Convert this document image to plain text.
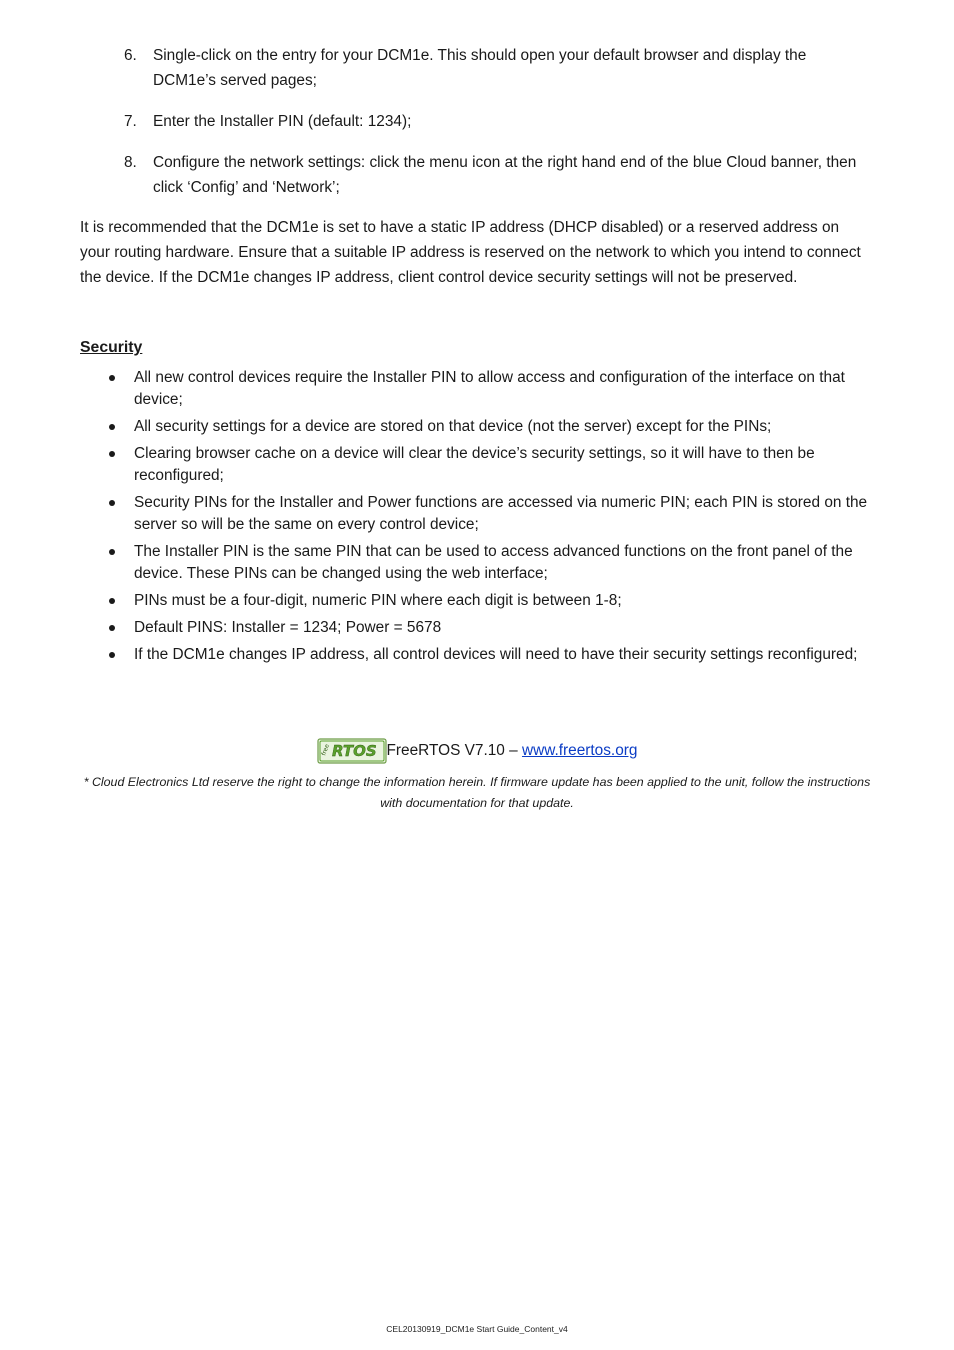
6. Single-click on the entry for your DCM1e. This should open your default browser and display the DCM1e’s served pages;
7. Enter the Installer PIN (default: 1234);
8. Configure the network settings: click the menu icon at the right hand end of the blue Cloud banner, then click ‘Config’ and ‘Network’;

It is recommended that the DCM1e is set to have a static IP address (DHCP disabled) or a reserved address on your routing hardware. Ensure that a suitable IP address is reserved on the network to which you intend to connect the device. If the DCM1e changes IP address, client control device security settings will not be preserved.

Security
All new control devices require the Installer PIN to allow access and configuration of the interface on that device;
All security settings for a device are stored on that device (not the server) except for the PINs;
Clearing browser cache on a device will clear the device’s security settings, so it will have to then be reconfigured;
Security PINs for the Installer and Power functions are accessed via numeric PIN; each PIN is stored on the server so will be the same on every control device;
The Installer PIN is the same PIN that can be used to access advanced functions on the front panel of the device. These PINs can be changed using the web interface;
PINs must be a four-digit, numeric PIN where each digit is between 1-8;
Default PINS: Installer = 1234; Power = 5678
If the DCM1e changes IP address, all control devices will need to have their security settings reconfigured;
free RTOS FreeRTOS V7.10 – www.freertos.org

* Cloud Electronics Ltd reserve the right to change the information herein. If firmware update has been applied to the unit, follow the instructions with documentation for that update.

CEL20130919_DCM1e Start Guide_Content_v4
